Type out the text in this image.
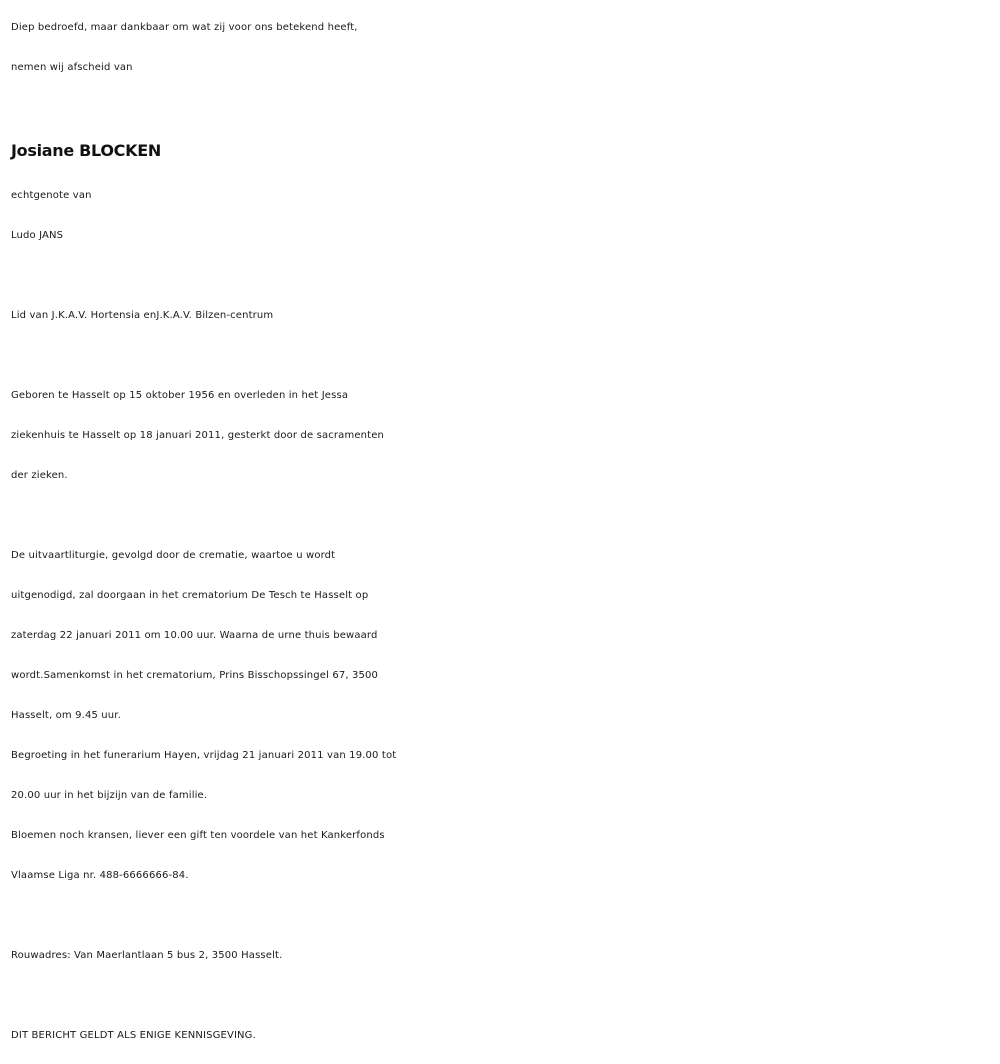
Diep bedroefd, maar dankbaar om wat zij voor ons betekend heeft,
nemen wij afscheid van
Josiane BLOCKEN
echtgenote van
Ludo JANS
Lid van J.K.A.V. Hortensia enJ.K.A.V. Bilzen-centrum
Geboren te Hasselt op 15 oktober 1956 en overleden in het Jessa
ziekenhuis te Hasselt op 18 januari 2011, gesterkt door de sacramenten
der zieken.
De uitvaartliturgie, gevolgd door de crematie, waartoe u wordt
uitgenodigd, zal doorgaan in het crematorium De Tesch te Hasselt op
zaterdag 22 januari 2011 om 10.00 uur. Waarna de urne thuis bewaard
wordt.Samenkomst in het crematorium, Prins Bisschopssingel 67, 3500
Hasselt, om 9.45 uur.
Begroeting in het funerarium Hayen, vrijdag 21 januari 2011 van 19.00 tot
20.00 uur in het bijzijn van de familie.
Bloemen noch kransen, liever een gift ten voordele van het Kankerfonds
Vlaamse Liga nr. 488-6666666-84.
Rouwadres: Van Maerlantlaan 5 bus 2, 3500 Hasselt.
DIT BERICHT GELDT ALS ENIGE KENNISGEVING.
